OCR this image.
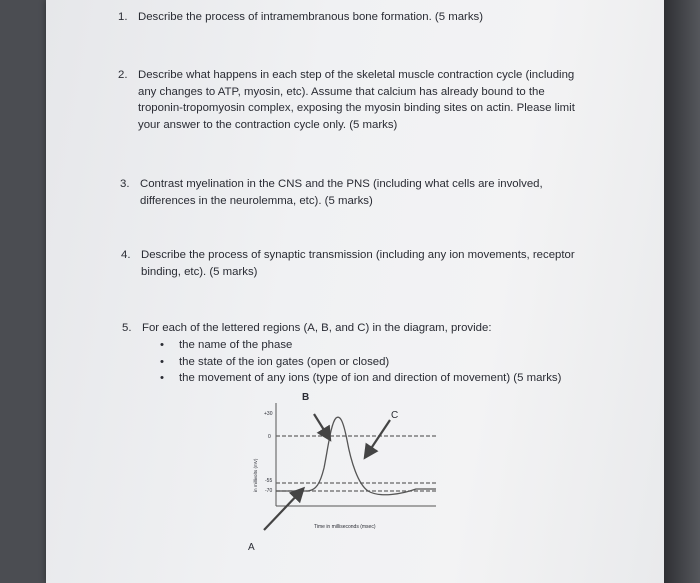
1. Describe the process of intramembranous bone formation. (5 marks)
2. Describe what happens in each step of the skeletal muscle contraction cycle (including
any changes to ATP, myosin, etc). Assume that calcium has already bound to the
troponin-tropomyosin complex, exposing the myosin binding sites on actin. Please limit
your answer to the contraction cycle only. (5 marks)
3. Contrast myelination in the CNS and the PNS (including what cells are involved,
differences in the neurolemma, etc). (5 marks)
4. Describe the process of synaptic transmission (including any ion movements, receptor
binding, etc). (5 marks)
5. For each of the lettered regions (A, B, and C) in the diagram, provide:
• the name of the phase
• the state of the ion gates (open or closed)
• the movement of any ions (type of ion and direction of movement) (5 marks)
B
C
A
+30
0
-55
-70
in millivolts (mV)
Time in milliseconds (msec)
